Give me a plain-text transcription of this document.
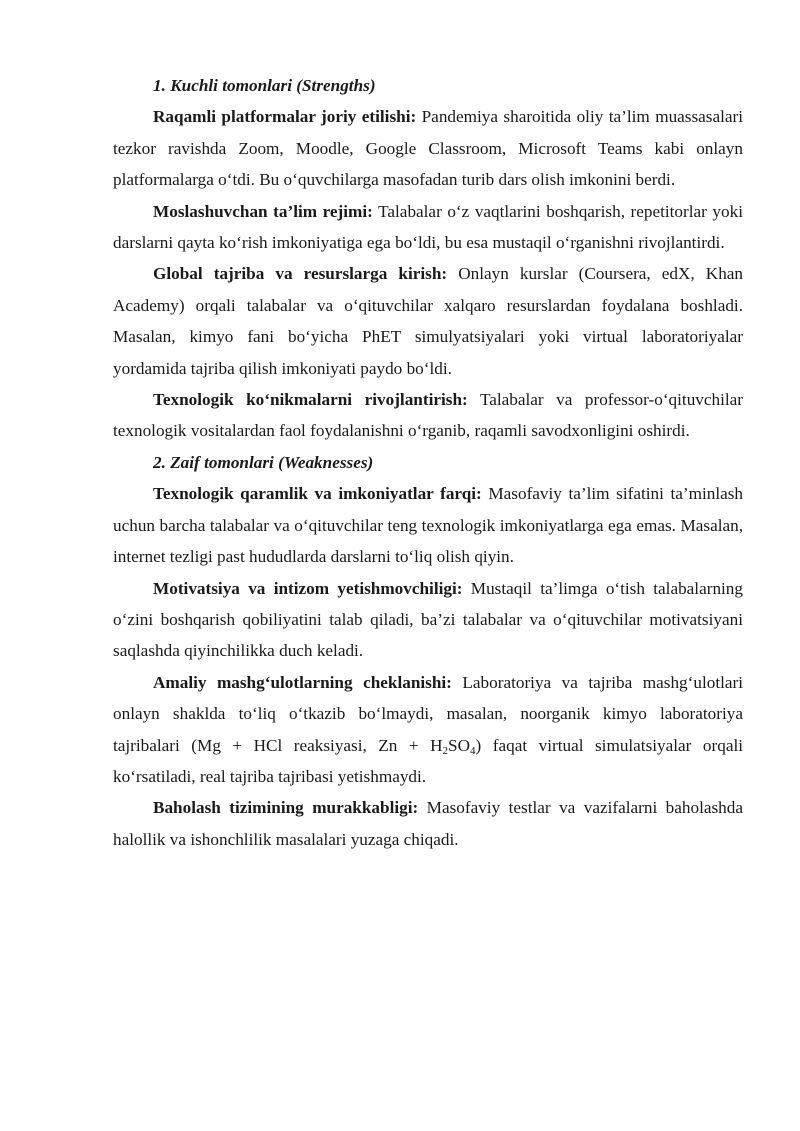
1. Kuchli tomonlari (Strengths)

Raqamli platformalar joriy etilishi: Pandemiya sharoitida oliy ta’lim muassasalari tezkor ravishda Zoom, Moodle, Google Classroom, Microsoft Teams kabi onlayn platformalarga o‘tdi. Bu o‘quvchilarga masofadan turib dars olish imkonini berdi.

Moslashuvchan ta’lim rejimi: Talabalar o‘z vaqtlarini boshqarish, repetitorlar yoki darslarni qayta ko‘rish imkoniyatiga ega bo‘ldi, bu esa mustaqil o‘rganishni rivojlantirdi.

Global tajriba va resurslarga kirish: Onlayn kurslar (Coursera, edX, Khan Academy) orqali talabalar va o‘qituvchilar xalqaro resurslardan foydalana boshladi. Masalan, kimyo fani bo‘yicha PhET simulyatsiyalari yoki virtual laboratoriyalar yordamida tajriba qilish imkoniyati paydo bo‘ldi.

Texnologik ko‘nikmalarni rivojlantirish: Talabalar va professor-o‘qituvchilar texnologik vositalardan faol foydalanishni o‘rganib, raqamli savodxonligini oshirdi.

2. Zaif tomonlari (Weaknesses)

Texnologik qaramlik va imkoniyatlar farqi: Masofaviy ta’lim sifatini ta’minlash uchun barcha talabalar va o‘qituvchilar teng texnologik imkoniyatlarga ega emas. Masalan, internet tezligi past hududlarda darslarni to‘liq olish qiyin.

Motivatsiya va intizom yetishmovchiligi: Mustaqil ta’limga o‘tish talabalarning o‘zini boshqarish qobiliyatini talab qiladi, ba’zi talabalar va o‘qituvchilar motivatsiyani saqlashda qiyinchilikka duch keladi.

Amaliy mashg‘ulotlarning cheklanishi: Laboratoriya va tajriba mashg‘ulotlari onlayn shaklda to‘liq o‘tkazib bo‘lmaydi, masalan, noorganik kimyo laboratoriya tajribalari (Mg + HCl reaksiyasi, $Zn + H_2SO_4$) faqat virtual simulatsiyalar orqali ko‘rsatiladi, real tajriba tajribasi yetishmaydi.

Baholash tizimining murakkabligi: Masofaviy testlar va vazifalarni baholashda halollik va ishonchlilik masalalari yuzaga chiqadi.
